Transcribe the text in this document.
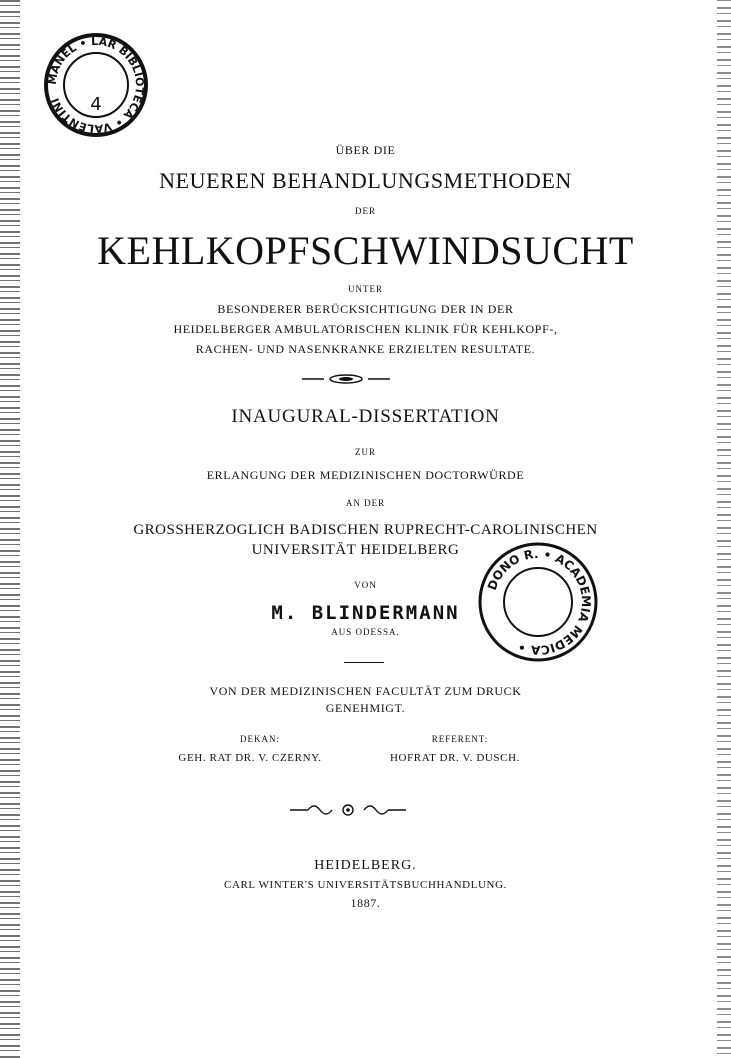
MANEL • LAR BIBLIOTECA • VALENTINI	4
ÜBER DIE
NEUEREN BEHANDLUNGSMETHODEN
DER
KEHLKOPFSCHWINDSUCHT
UNTER
BESONDERER BERÜCKSICHTIGUNG DER IN DER
HEIDELBERGER AMBULATORISCHEN KLINIK FÜR KEHLKOPF-,
RACHEN- UND NASENKRANKE ERZIELTEN RESULTATE.
INAUGURAL-DISSERTATION
ZUR
ERLANGUNG DER MEDIZINISCHEN DOCTORWÜRDE
AN DER
GROSSHERZOGLICH BADISCHEN RUPRECHT-CAROLINISCHEN
UNIVERSITÄT HEIDELBERG
VON
M. BLINDERMANN
AUS ODESSA.
VON DER MEDIZINISCHEN FACULTÄT ZUM DRUCK
GENEHMIGT.
DEKAN:
GEH. RAT DR. V. CZERNY.
REFERENT:
HOFRAT DR. V. DUSCH.
HEIDELBERG.
CARL WINTER'S UNIVERSITÄTSBUCHHANDLUNG.
1887.
DONO R. • ACADEMIA MEDICA •
